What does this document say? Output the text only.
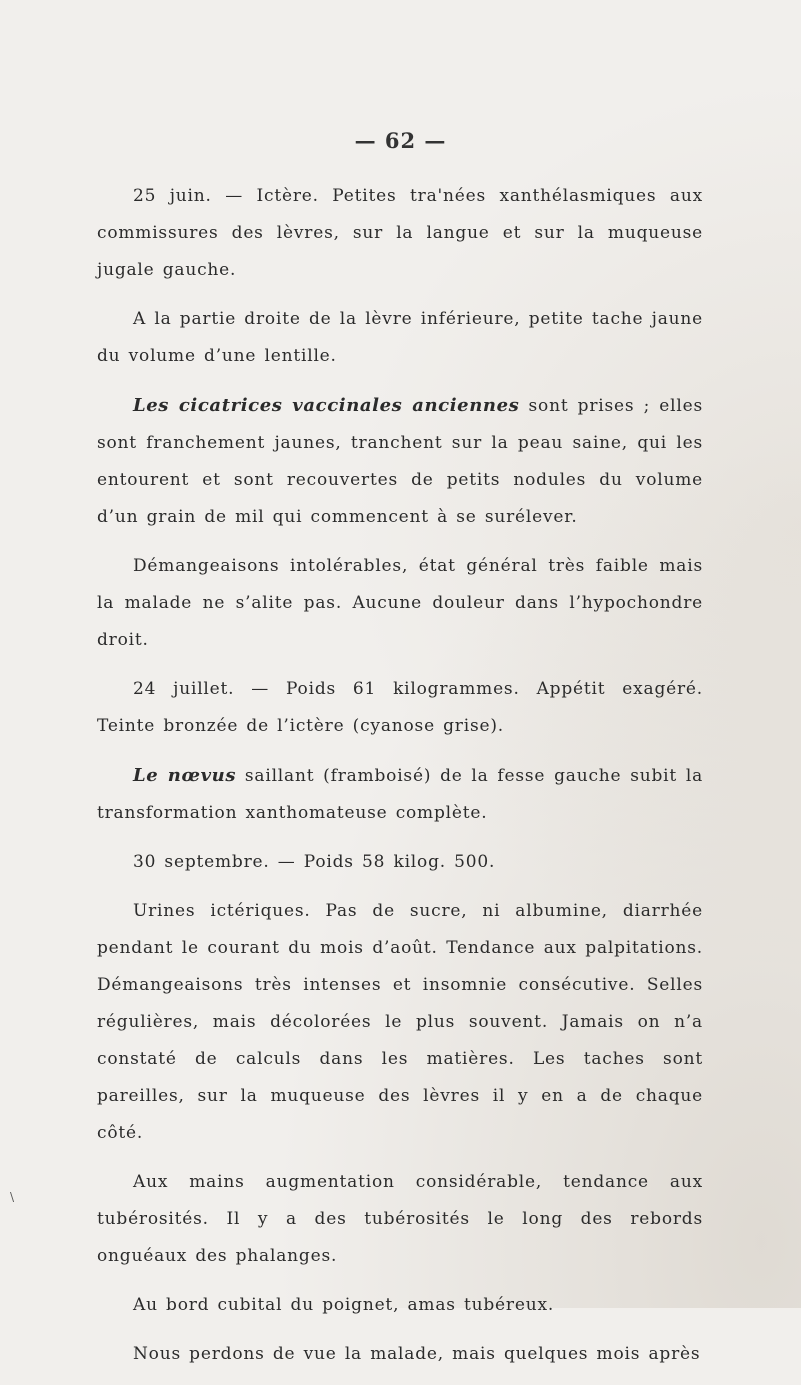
— 62 —

25 juin. — Ictère. Petites tra'nées xanthélasmiques aux commissures des lèvres, sur la langue et sur la muqueuse jugale gauche.

A la partie droite de la lèvre inférieure, petite tache jaune du volume d’une lentille.

Les cicatrices vaccinales anciennes sont prises ; elles sont franchement jaunes, tranchent sur la peau saine, qui les entourent et sont recouvertes de petits nodules du volume d’un grain de mil qui commencent à se surélever.

Démangeaisons intolérables, état général très faible mais la malade ne s’alite pas. Aucune douleur dans l’hypochondre droit.

24 juillet. — Poids 61 kilogrammes. Appétit exagéré. Teinte bronzée de l’ictère (cyanose grise).

Le nœvus saillant (framboisé) de la fesse gauche subit la transformation xanthomateuse complète.

30 septembre. — Poids 58 kilog. 500.

Urines ictériques. Pas de sucre, ni albumine, diarrhée pendant le courant du mois d’août. Tendance aux palpitations. Démangeaisons très intenses et insomnie consécutive. Selles régulières, mais décolorées le plus souvent. Jamais on n’a constaté de calculs dans les matières. Les taches sont pareilles, sur la muqueuse des lèvres il y en a de chaque côté.

Aux mains augmentation considérable, tendance aux tubérosités. Il y a des tubérosités le long des rebords onguéaux des phalanges.

Au bord cubital du poignet, amas tubéreux.

Nous perdons de vue la malade, mais quelques mois après

\
